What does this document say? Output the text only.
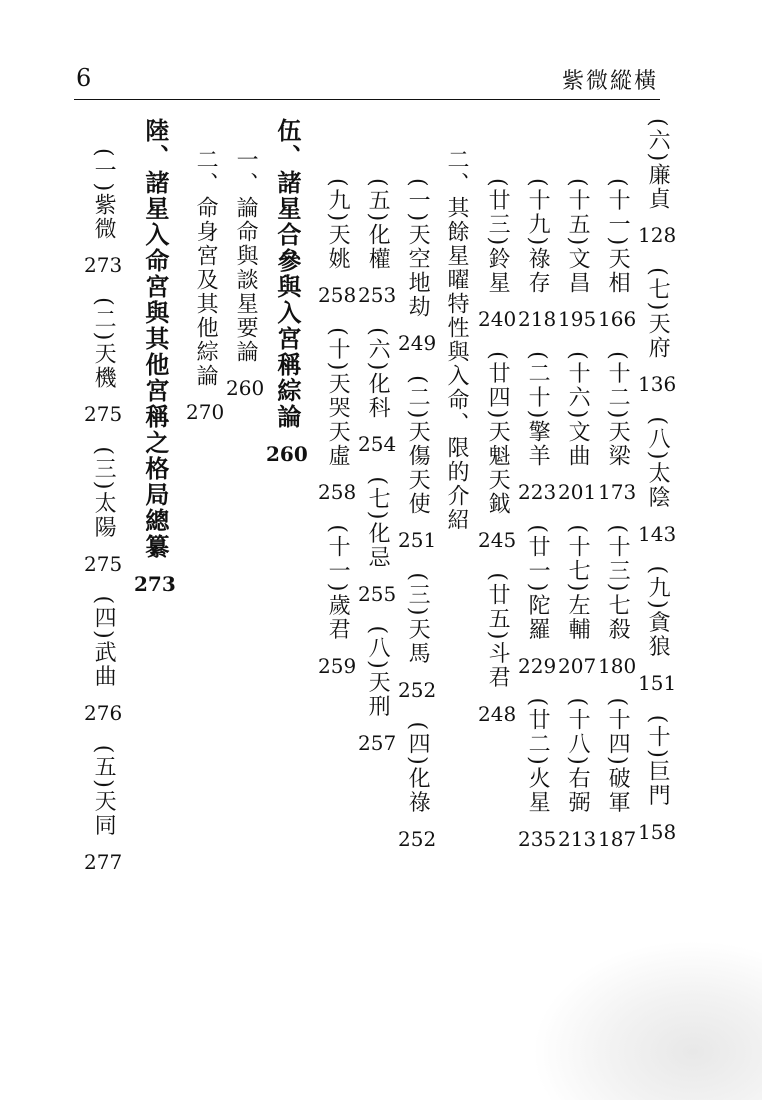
6	紫微縱橫
(六)廉貞128(七)天府136(八)太陰143(九)貪狼151(十)巨門158
(十一)天相166(十二)天梁173(十三)七殺180(十四)破軍187
(十五)文昌195(十六)文曲201(十七)左輔207(十八)右弼213
(十九)祿存218(二十)擎羊223(廿一)陀羅229(廿二)火星235
(廿三)鈴星240(廿四)天魁天鉞245(廿五)斗君248
二、其餘星曜特性與入命、限的介紹
(一)天空地劫249(二)天傷天使251(三)天馬252(四)化祿252
(五)化權253(六)化科254(七)化忌255(八)天刑257
(九)天姚258(十)天哭天虛258(十一)歲君259
伍、諸星合參與入宮稱綜論260
一、論命與談星要論260
二、命身宮及其他綜論270
陸、諸星入命宮與其他宮稱之格局總纂273
(一)紫微273(二)天機275(三)太陽275(四)武曲276(五)天同277
